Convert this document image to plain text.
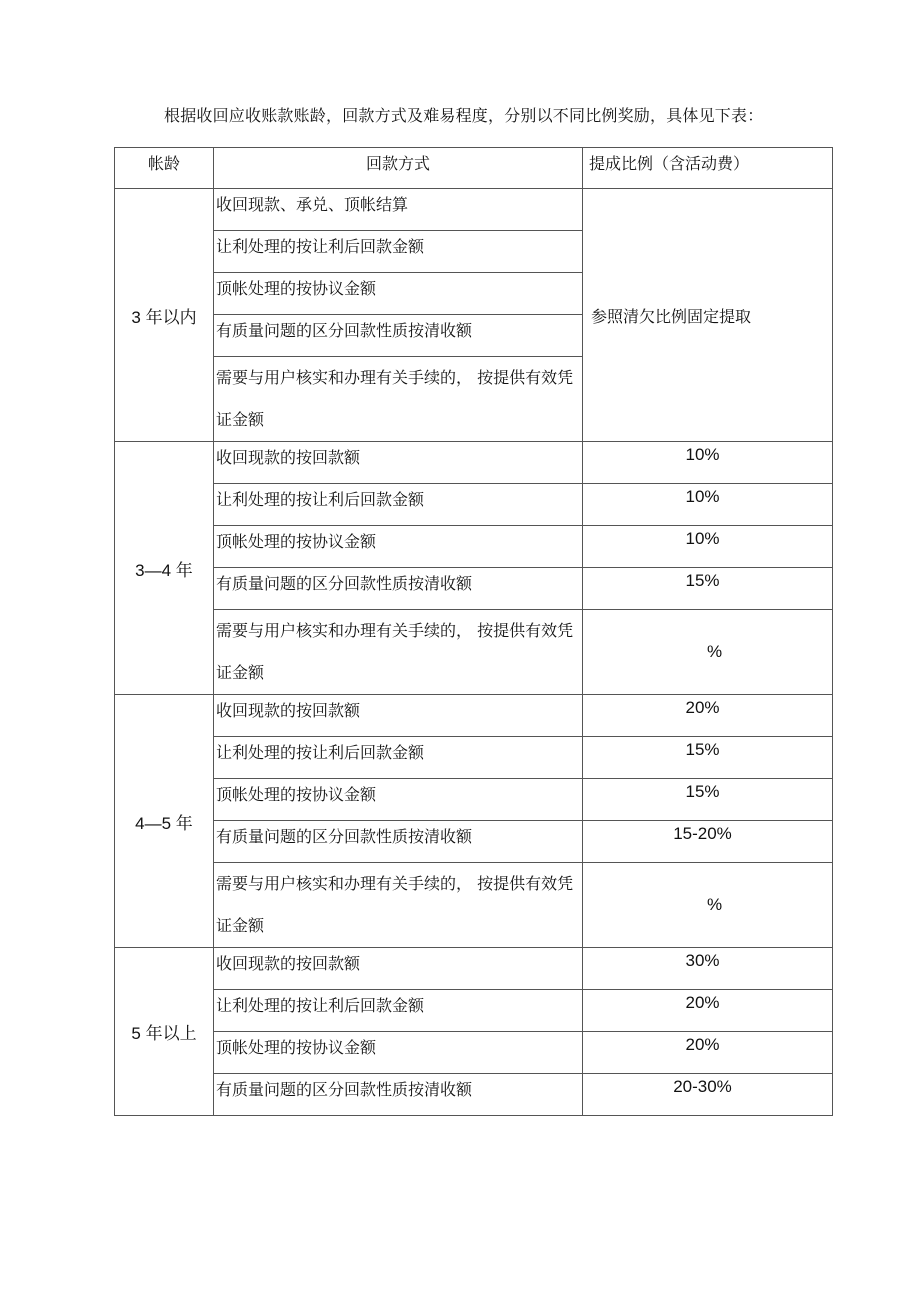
根据收回应收账款账龄，回款方式及难易程度，分别以不同比例奖励，具体见下表：
帐龄	回款方式	提成比例（含活动费）
3 年以内	收回现款、承兑、顶帐结算	参照清欠比例固定提取
	让利处理的按让利后回款金额	
	顶帐处理的按协议金额	
	有质量问题的区分回款性质按清收额	
	需要与用户核实和办理有关手续的， 按提供有效凭证金额	
3—4 年	收回现款的按回款额	10%
	让利处理的按让利后回款金额	10%
	顶帐处理的按协议金额	10%
	有质量问题的区分回款性质按清收额	15%
	需要与用户核实和办理有关手续的， 按提供有效凭证金额	%
4—5 年	收回现款的按回款额	20%
	让利处理的按让利后回款金额	15%
	顶帐处理的按协议金额	15%
	有质量问题的区分回款性质按清收额	15-20%
	需要与用户核实和办理有关手续的， 按提供有效凭证金额	%
5 年以上	收回现款的按回款额	30%
	让利处理的按让利后回款金额	20%
	顶帐处理的按协议金额	20%
	有质量问题的区分回款性质按清收额	20-30%
